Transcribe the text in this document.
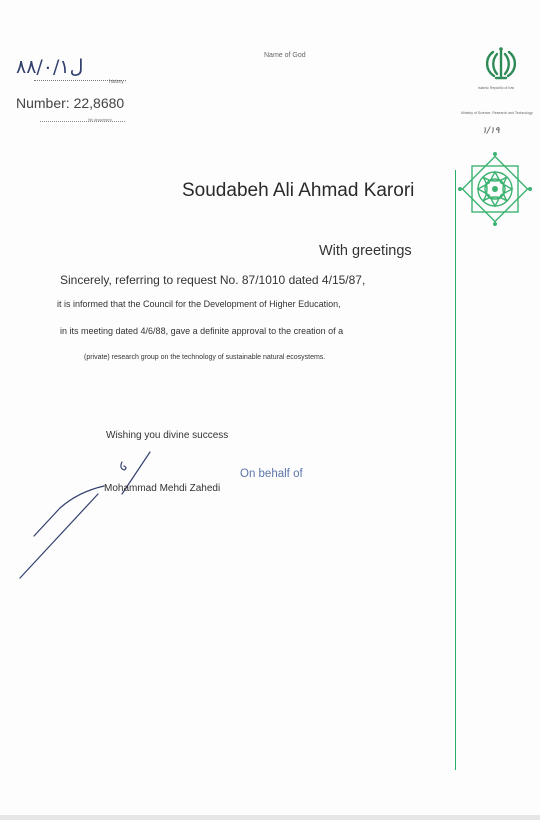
Name of God
۸۸/۰/ل۱
history :
Number: 22,8680
9th department
Islamic Republic of Iran
Ministry of Science, Research and Technology
۱/۱۹
Soudabeh Ali Ahmad Karori
With greetings
Sincerely, referring to request No. 87/1010 dated 4/15/87,
it is informed that the Council for the Development of Higher Education,
in its meeting dated 4/6/88, gave a definite approval to the creation of a
(private) research group on the technology of sustainable natural ecosystems.
Wishing you divine success
On behalf of
Mohammad Mehdi Zahedi
